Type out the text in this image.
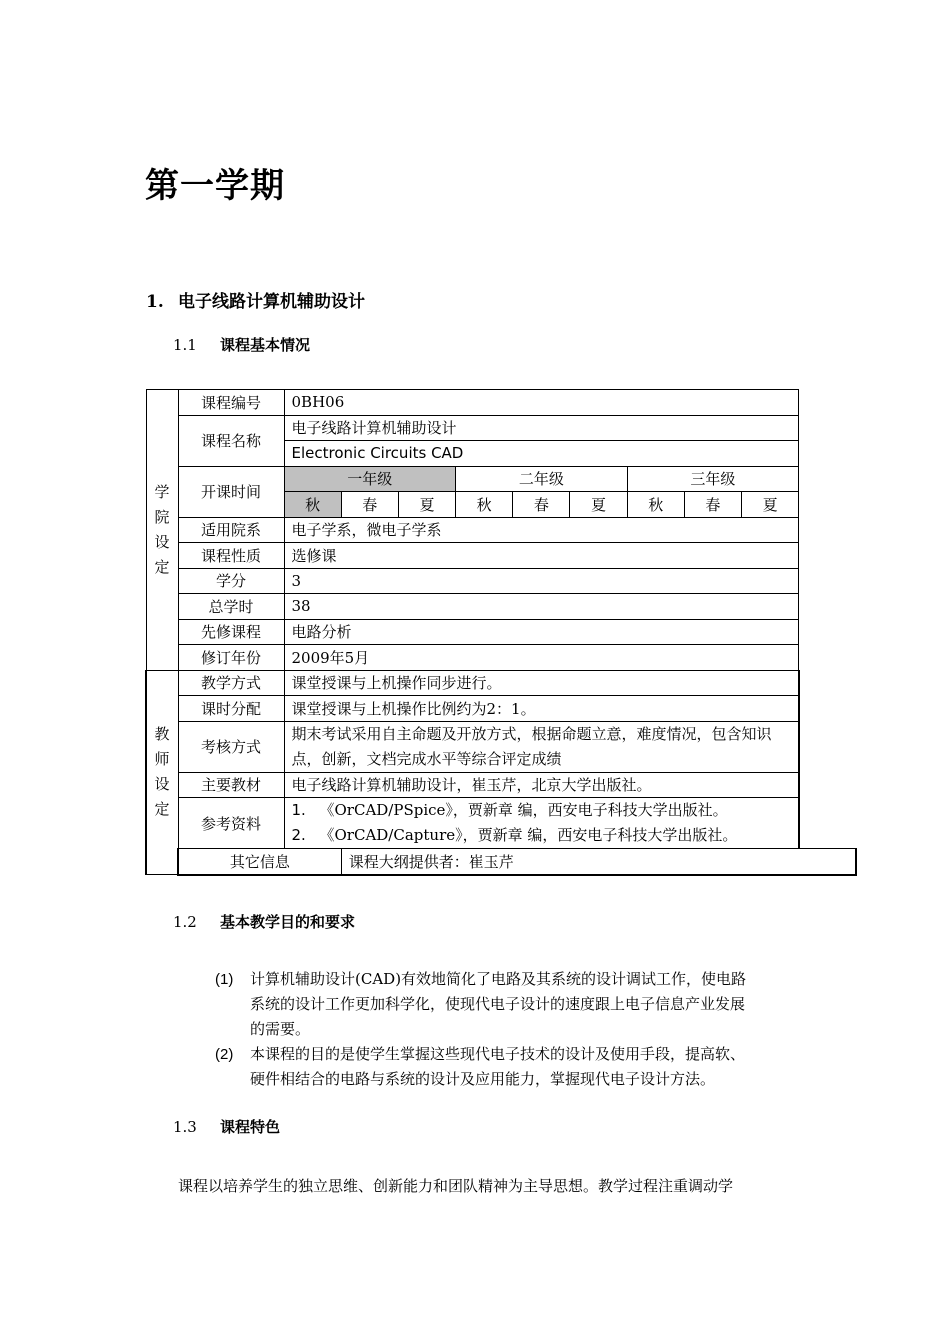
第一学期
1. 电子线路计算机辅助设计
1.1 课程基本情况
学院设定	课程编号	0BH06								
	课程名称	电子线路计算机辅助设计								
		Electronic Circuits CAD								
	开课时间	一年级			二年级			三年级		
		秋	春	夏	秋	春	夏	秋	春	夏
	适用院系	电子学系，微电子学系								
	课程性质	选修课								
	学分	3								
	总学时	38								
	先修课程	电路分析								
	修订年份	2009年5月								

教师设定	教学方式	课堂授课与上机操作同步进行。								
	课时分配	课堂授课与上机操作比例约为2：1。								
	考核方式	期末考试采用自主命题及开放方式，根据命题立意，难度情况，包含知识
点，创新，文档完成水平等综合评定成绩								

	主要教材	电子线路计算机辅助设计，崔玉芹，北京大学出版社。								
	参考资料	1. 《OrCAD/PSpice》，贾新章 编，西安电子科技大学出版社。
2. 《OrCAD/Capture》，贾新章 编，西安电子科技大学出版社。								

	其它信息		课程大纲提供者：崔玉芹							
1.2 基本教学目的和要求
(1) 计算机辅助设计(CAD)有效地简化了电路及其系统的设计调试工作，使电路
系统的设计工作更加科学化，使现代电子设计的速度跟上电子信息产业发展
的需要。
(2) 本课程的目的是使学生掌握这些现代电子技术的设计及使用手段，提高软、
硬件相结合的电路与系统的设计及应用能力，掌握现代电子设计方法。
1.3 课程特色
课程以培养学生的独立思维、创新能力和团队精神为主导思想。教学过程注重调动学
